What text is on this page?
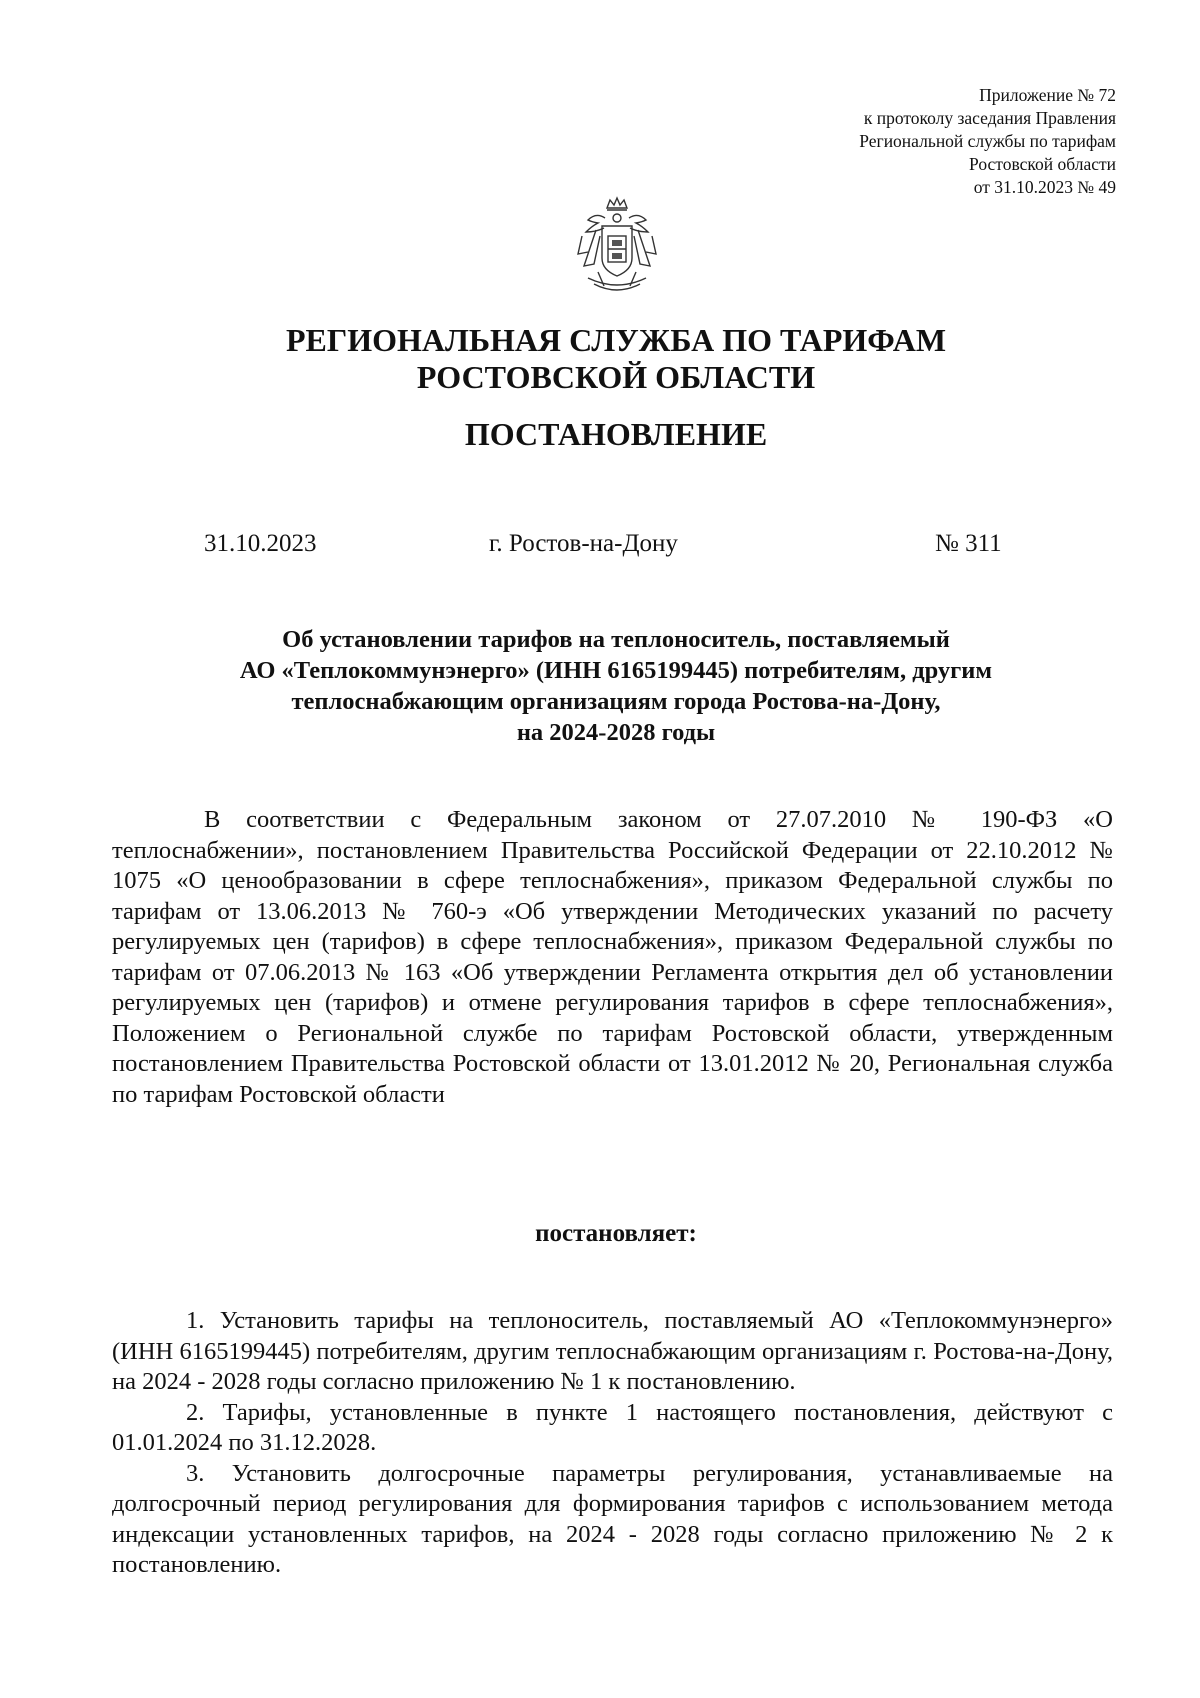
Приложение № 72
к протоколу заседания Правления
Региональной службы по тарифам
Ростовской области
от 31.10.2023 № 49
РЕГИОНАЛЬНАЯ СЛУЖБА ПО ТАРИФАМ
РОСТОВСКОЙ ОБЛАСТИ
ПОСТАНОВЛЕНИЕ
31.10.2023	г. Ростов-на-Дону	№ 311
Об установлении тарифов на теплоноситель, поставляемый
АО «Теплокоммунэнерго» (ИНН 6165199445) потребителям, другим
теплоснабжающим организациям города Ростова-на-Дону,
на 2024-2028 годы

В соответствии с Федеральным законом от 27.07.2010 № 190-ФЗ «О теплоснабжении», постановлением Правительства Российской Федерации от 22.10.2012 № 1075 «О ценообразовании в сфере теплоснабжения», приказом Федеральной службы по тарифам от 13.06.2013 № 760-э «Об утверждении Методических указаний по расчету регулируемых цен (тарифов) в сфере теплоснабжения», приказом Федеральной службы по тарифам от 07.06.2013 № 163 «Об утверждении Регламента открытия дел об установлении регулируемых цен (тарифов) и отмене регулирования тарифов в сфере теплоснабжения», Положением о Региональной службе по тарифам Ростовской области, утвержденным постановлением Правительства Ростовской области от 13.01.2012 № 20, Региональная служба по тарифам Ростовской области

постановляет:

1. Установить тарифы на теплоноситель, поставляемый АО «Теплокоммунэнерго» (ИНН 6165199445) потребителям, другим теплоснабжающим организациям г. Ростова-на-Дону, на 2024 - 2028 годы согласно приложению № 1 к постановлению.

2. Тарифы, установленные в пункте 1 настоящего постановления, действуют с 01.01.2024 по 31.12.2028.

3. Установить долгосрочные параметры регулирования, устанавливаемые на долгосрочный период регулирования для формирования тарифов с использованием метода индексации установленных тарифов, на 2024 - 2028 годы согласно приложению № 2 к постановлению.
